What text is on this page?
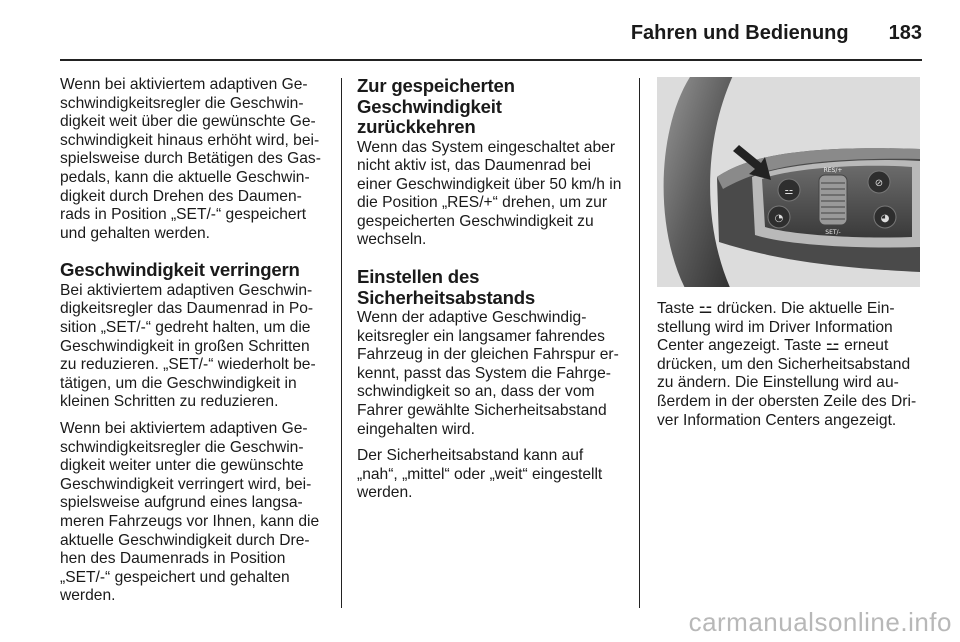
Fahren und Bedienung 183

Wenn bei aktiviertem adaptiven Geschwindigkeitsregler die Geschwindigkeit weit über die gewünschte Geschwindigkeit hinaus erhöht wird, beispielsweise durch Betätigen des Gaspedals, kann die aktuelle Geschwindigkeit durch Drehen des Daumenrads in Position „SET/-“ gespeichert und gehalten werden.

Geschwindigkeit verringern

Bei aktiviertem adaptiven Geschwindigkeitsregler das Daumenrad in Position „SET/-“ gedreht halten, um die Geschwindigkeit in großen Schritten zu reduzieren. „SET/-“ wiederholt betätigen, um die Geschwindigkeit in kleinen Schritten zu reduzieren.

Wenn bei aktiviertem adaptiven Geschwindigkeitsregler die Geschwindigkeit weiter unter die gewünschte Geschwindigkeit verringert wird, beispielsweise aufgrund eines langsameren Fahrzeugs vor Ihnen, kann die aktuelle Geschwindigkeit durch Drehen des Daumenrads in Position „SET/-“ gespeichert und gehalten werden.

Zur gespeicherten Geschwindigkeit zurückkehren

Wenn das System eingeschaltet aber nicht aktiv ist, das Daumenrad bei einer Geschwindigkeit über 50 km/h in die Position „RES/+“ drehen, um zur gespeicherten Geschwindigkeit zu wechseln.

Einstellen des Sicherheitsabstands

Wenn der adaptive Geschwindigkeitsregler ein langsamer fahrendes Fahrzeug in der gleichen Fahrspur erkennt, passt das System die Fahrgeschwindigkeit so an, dass der vom Fahrer gewählte Sicherheitsabstand eingehalten wird.

Der Sicherheitsabstand kann auf „nah“, „mittel“ oder „weit“ eingestellt werden.

⚍
◔
⊘
◕
RES/+
SET/-
Taste ⚍ drücken. Die aktuelle Einstellung wird im Driver Information Center angezeigt. Taste ⚍ erneut drücken, um den Sicherheitsabstand zu ändern. Die Einstellung wird außerdem in der obersten Zeile des Driver Information Centers angezeigt.
carmanualsonline.info
